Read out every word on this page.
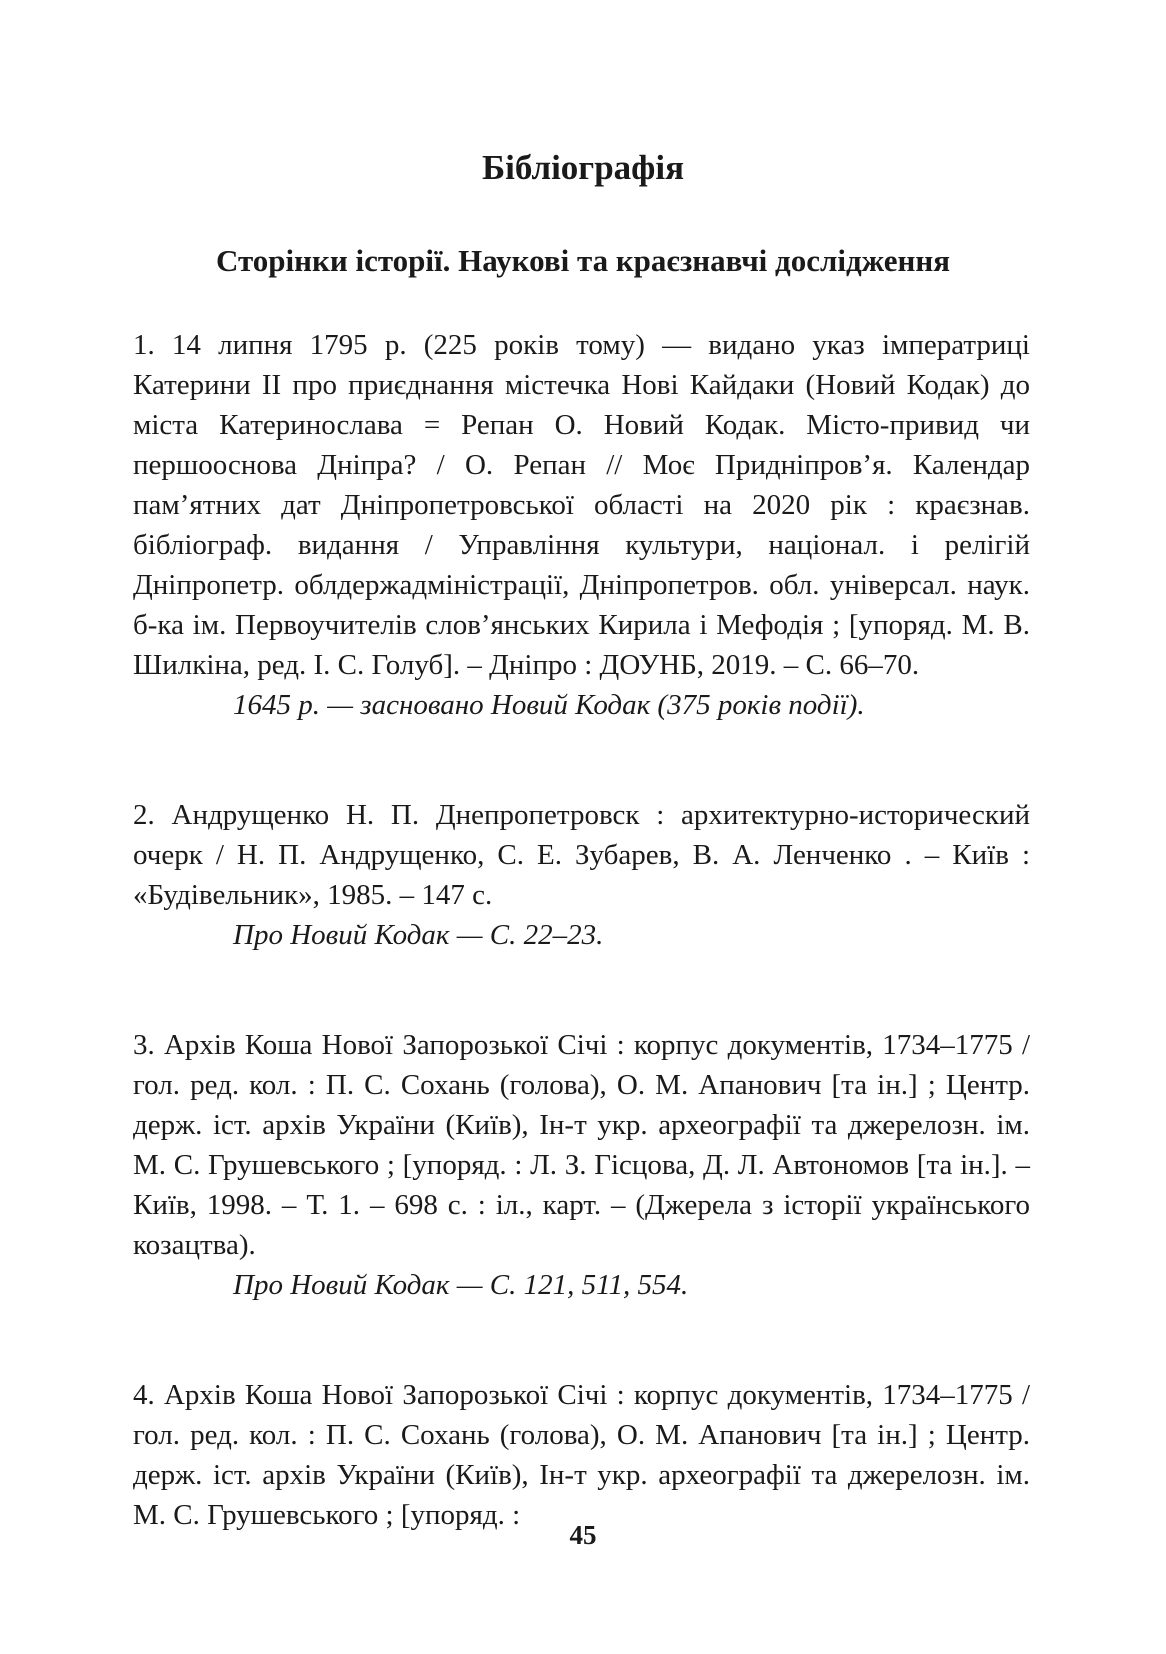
Бібліографія
Сторінки історії. Наукові та краєзнавчі дослідження

1. 14 липня 1795 р. (225 років тому) — видано указ імператриці Катерини II про приєднання містечка Нові Кайдаки (Новий Кодак) до міста Катеринослава = Репан О. Новий Кодак. Місто-привид чи першооснова Дніпра? / О. Репан // Моє Придніпров’я. Календар пам’ятних дат Дніпропетровської області на 2020 рік : краєзнав. бібліограф. видання / Управління культури, націонал. і релігій Дніпропетр. облдержадміністрації, Дніпропетров. обл. універсал. наук. б-ка ім. Первоучителів слов’янських Кирила і Мефодія ; [упоряд. М. В. Шилкіна, ред. І. С. Голуб]. – Дніпро : ДОУНБ, 2019. – С. 66–70.

1645 р. — засновано Новий Кодак (375 років події).

2. Андрущенко Н. П. Днепропетровск : архитектурно-исторический очерк / Н. П. Андрущенко, С. Е. Зубарев, В. А. Ленченко . – Київ : «Будівельник», 1985. – 147 с.

Про Новий Кодак — С. 22–23.

3. Архів Коша Нової Запорозької Січі : корпус документів, 1734–1775 / гол. ред. кол. : П. С. Сохань (голова), О. М. Апанович [та ін.] ; Центр. держ. іст. архів України (Київ), Ін-т укр. археографії та джерелозн. ім. М. С. Грушевського ; [упоряд. : Л. З. Гісцова, Д. Л. Автономов [та ін.]. – Київ, 1998. – Т. 1. – 698 с. : іл., карт. – (Джерела з історії українського козацтва).

Про Новий Кодак — С. 121, 511, 554.

4. Архів Коша Нової Запорозької Січі : корпус документів, 1734–1775 / гол. ред. кол. : П. С. Сохань (голова), О. М. Апанович [та ін.] ; Центр. держ. іст. архів України (Київ), Ін-т укр. археографії та джерелозн. ім. М. С. Грушевського ; [упоряд. :

45
